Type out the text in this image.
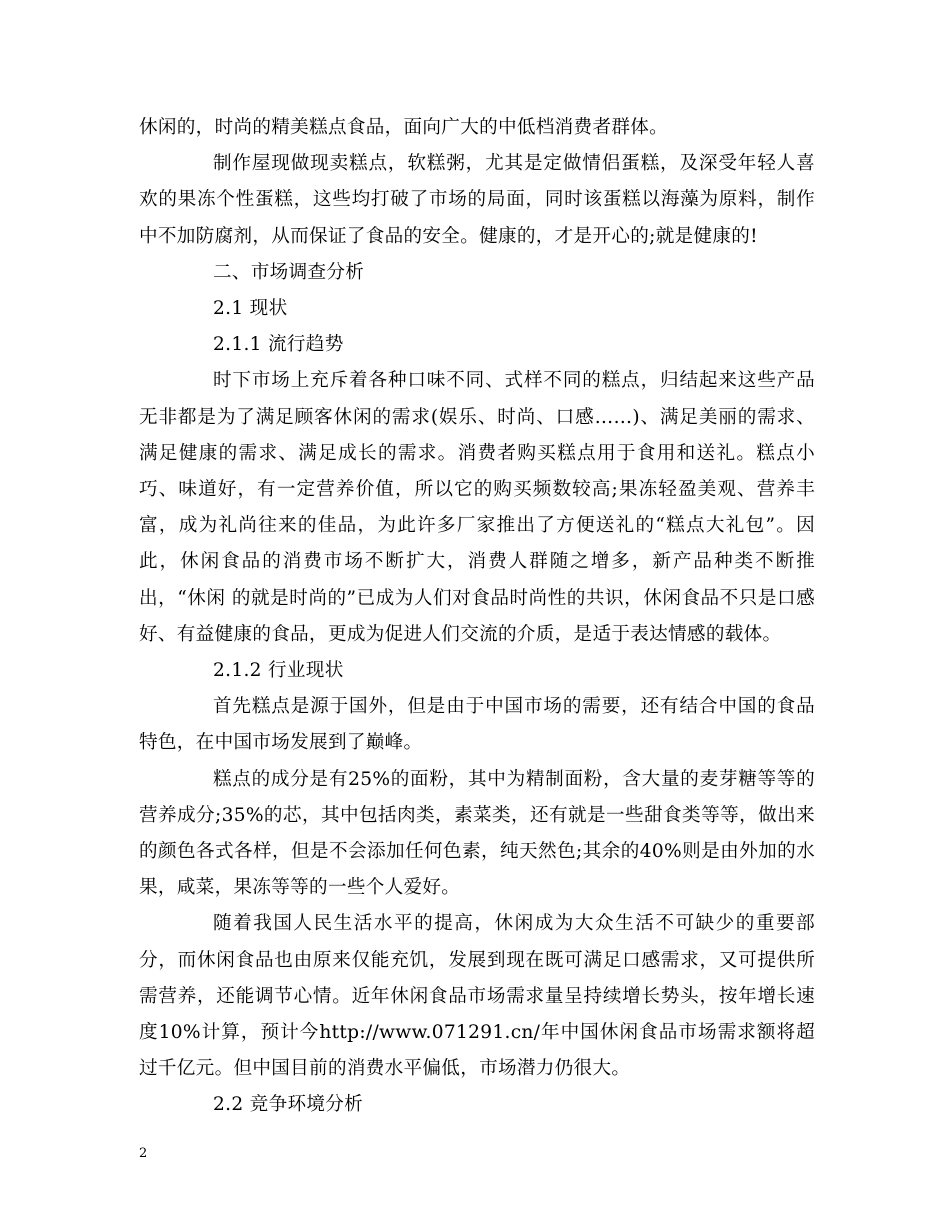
休闲的，时尚的精美糕点食品，面向广大的中低档消费者群体。

制作屋现做现卖糕点，软糕粥，尤其是定做情侣蛋糕，及深受年轻人喜欢的果冻个性蛋糕，这些均打破了市场的局面，同时该蛋糕以海藻为原料，制作中不加防腐剂，从而保证了食品的安全。健康的，才是开心的;就是健康的!

二、市场调查分析

2.1 现状

2.1.1 流行趋势

时下市场上充斥着各种口味不同、式样不同的糕点，归结起来这些产品无非都是为了满足顾客休闲的需求(娱乐、时尚、口感……)、满足美丽的需求、满足健康的需求、满足成长的需求。消费者购买糕点用于食用和送礼。糕点小巧、味道好，有一定营养价值，所以它的购买频数较高;果冻轻盈美观、营养丰富，成为礼尚往来的佳品，为此许多厂家推出了方便送礼的“糕点大礼包”。因此，休闲食品的消费市场不断扩大，消费人群随之增多，新产品种类不断推出，“休闲 的就是时尚的”已成为人们对食品时尚性的共识，休闲食品不只是口感好、有益健康的食品，更成为促进人们交流的介质，是适于表达情感的载体。

2.1.2 行业现状

首先糕点是源于国外，但是由于中国市场的需要，还有结合中国的食品特色，在中国市场发展到了巅峰。

糕点的成分是有25%的面粉，其中为精制面粉，含大量的麦芽糖等等的营养成分;35%的芯，其中包括肉类，素菜类，还有就是一些甜食类等等，做出来的颜色各式各样，但是不会添加任何色素，纯天然色;其余的40%则是由外加的水果，咸菜，果冻等等的一些个人爱好。

随着我国人民生活水平的提高，休闲成为大众生活不可缺少的重要部分，而休闲食品也由原来仅能充饥，发展到现在既可满足口感需求，又可提供所需营养，还能调节心情。近年休闲食品市场需求量呈持续增长势头，按年增长速度10%计算，预计今http://www.071291.cn/年中国休闲食品市场需求额将超过千亿元。但中国目前的消费水平偏低，市场潜力仍很大。

2.2 竞争环境分析

2
